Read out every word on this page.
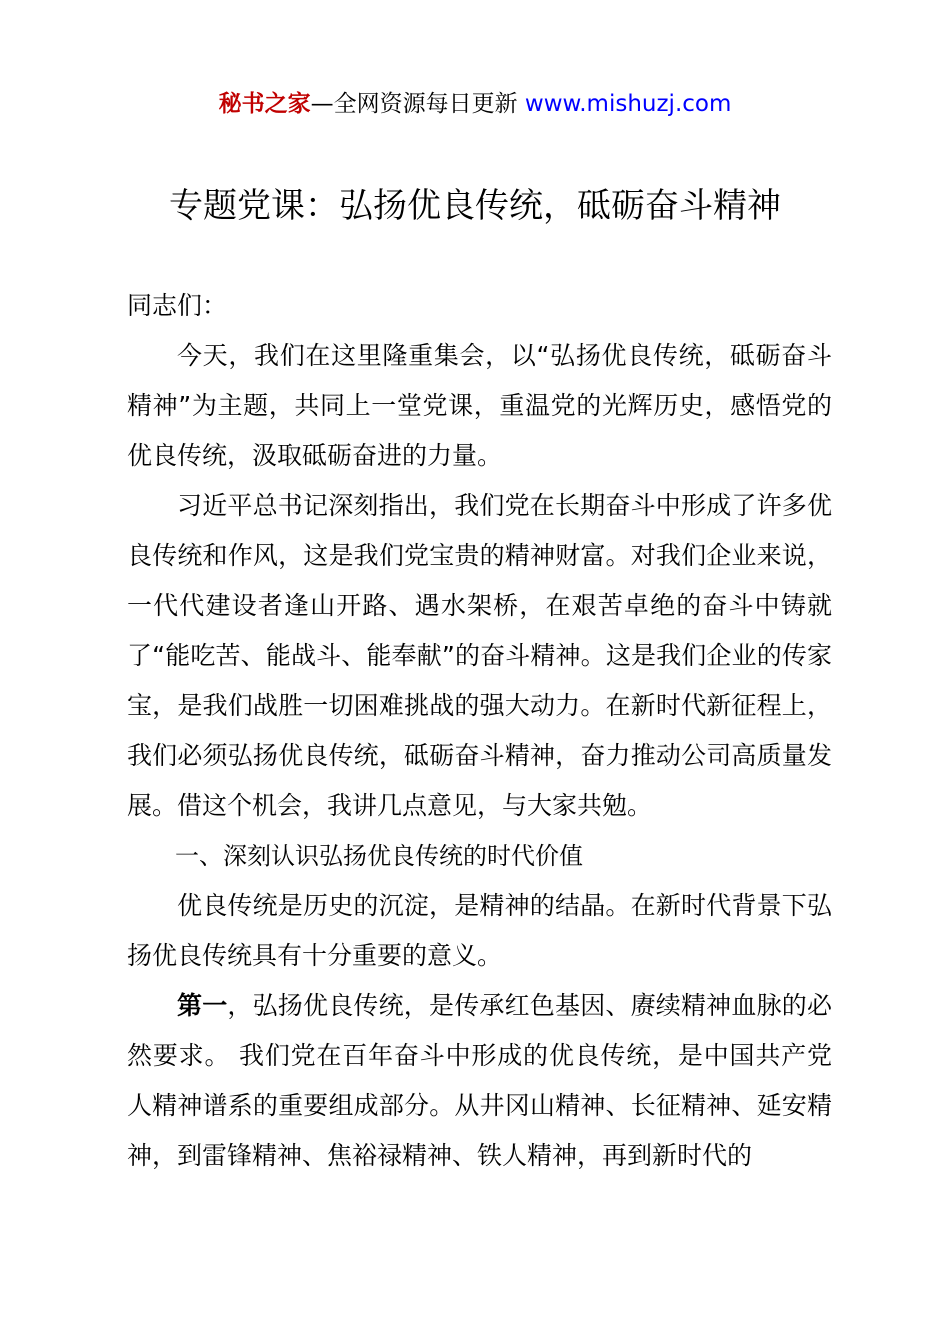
秘书之家—全网资源每日更新 www.mishuzj.com
专题党课：弘扬优良传统，砥砺奋斗精神

同志们：

今天，我们在这里隆重集会，以“弘扬优良传统，砥砺奋斗精神”为主题，共同上一堂党课，重温党的光辉历史，感悟党的优良传统，汲取砥砺奋进的力量。

习近平总书记深刻指出，我们党在长期奋斗中形成了许多优良传统和作风，这是我们党宝贵的精神财富。对我们企业来说，一代代建设者逢山开路、遇水架桥，在艰苦卓绝的奋斗中铸就了“能吃苦、能战斗、能奉献”的奋斗精神。这是我们企业的传家宝，是我们战胜一切困难挑战的强大动力。在新时代新征程上，我们必须弘扬优良传统，砥砺奋斗精神，奋力推动公司高质量发展。借这个机会，我讲几点意见，与大家共勉。

一、深刻认识弘扬优良传统的时代价值

优良传统是历史的沉淀，是精神的结晶。在新时代背景下弘扬优良传统具有十分重要的意义。

第一，弘扬优良传统，是传承红色基因、赓续精神血脉的必然要求。 我们党在百年奋斗中形成的优良传统，是中国共产党人精神谱系的重要组成部分。从井冈山精神、长征精神、延安精神，到雷锋精神、焦裕禄精神、铁人精神，再到新时代的
